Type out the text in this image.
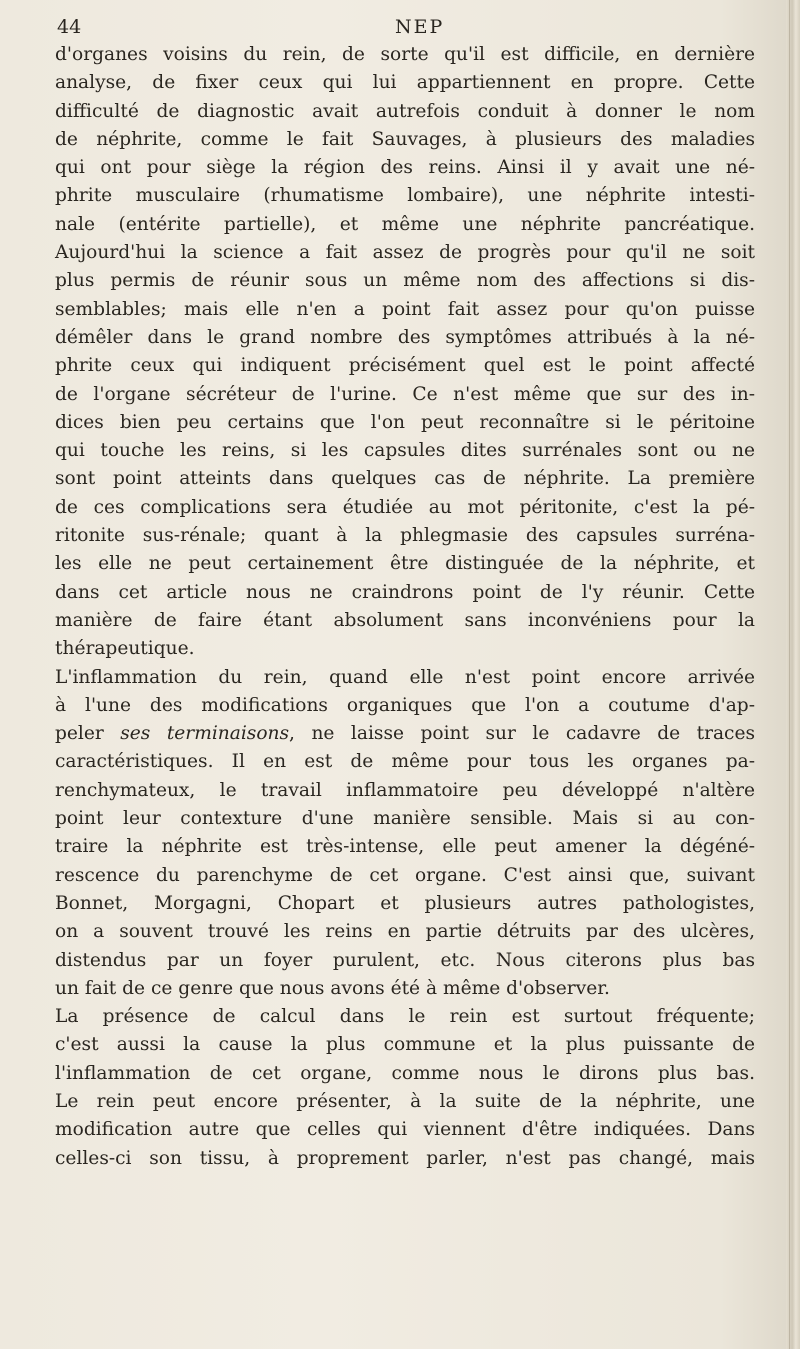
44	NEP
d'organes voisins du rein, de sorte qu'il est difficile, en dernière
analyse, de fixer ceux qui lui appartiennent en propre. Cette
difficulté de diagnostic avait autrefois conduit à donner le nom
de néphrite, comme le fait Sauvages, à plusieurs des maladies
qui ont pour siège la région des reins. Ainsi il y avait une né-
phrite musculaire (rhumatisme lombaire), une néphrite intesti-
nale (entérite partielle), et même une néphrite pancréatique.
Aujourd'hui la science a fait assez de progrès pour qu'il ne soit
plus permis de réunir sous un même nom des affections si dis-
semblables; mais elle n'en a point fait assez pour qu'on puisse
démêler dans le grand nombre des symptômes attribués à la né-
phrite ceux qui indiquent précisément quel est le point affecté
de l'organe sécréteur de l'urine. Ce n'est même que sur des in-
dices bien peu certains que l'on peut reconnaître si le péritoine
qui touche les reins, si les capsules dites surrénales sont ou ne
sont point atteints dans quelques cas de néphrite. La première
de ces complications sera étudiée au mot péritonite, c'est la pé-
ritonite sus-rénale; quant à la phlegmasie des capsules surréna-
les elle ne peut certainement être distinguée de la néphrite, et
dans cet article nous ne craindrons point de l'y réunir. Cette
manière de faire étant absolument sans inconvéniens pour la
thérapeutique.
L'inflammation du rein, quand elle n'est point encore arrivée
à l'une des modifications organiques que l'on a coutume d'ap-
peler ses terminaisons, ne laisse point sur le cadavre de traces
caractéristiques. Il en est de même pour tous les organes pa-
renchymateux, le travail inflammatoire peu développé n'altère
point leur contexture d'une manière sensible. Mais si au con-
traire la néphrite est très-intense, elle peut amener la dégéné-
rescence du parenchyme de cet organe. C'est ainsi que, suivant
Bonnet, Morgagni, Chopart et plusieurs autres pathologistes,
on a souvent trouvé les reins en partie détruits par des ulcères,
distendus par un foyer purulent, etc. Nous citerons plus bas
un fait de ce genre que nous avons été à même d'observer.
La présence de calcul dans le rein est surtout fréquente;
c'est aussi la cause la plus commune et la plus puissante de
l'inflammation de cet organe, comme nous le dirons plus bas.
Le rein peut encore présenter, à la suite de la néphrite, une
modification autre que celles qui viennent d'être indiquées. Dans
celles-ci son tissu, à proprement parler, n'est pas changé, mais
